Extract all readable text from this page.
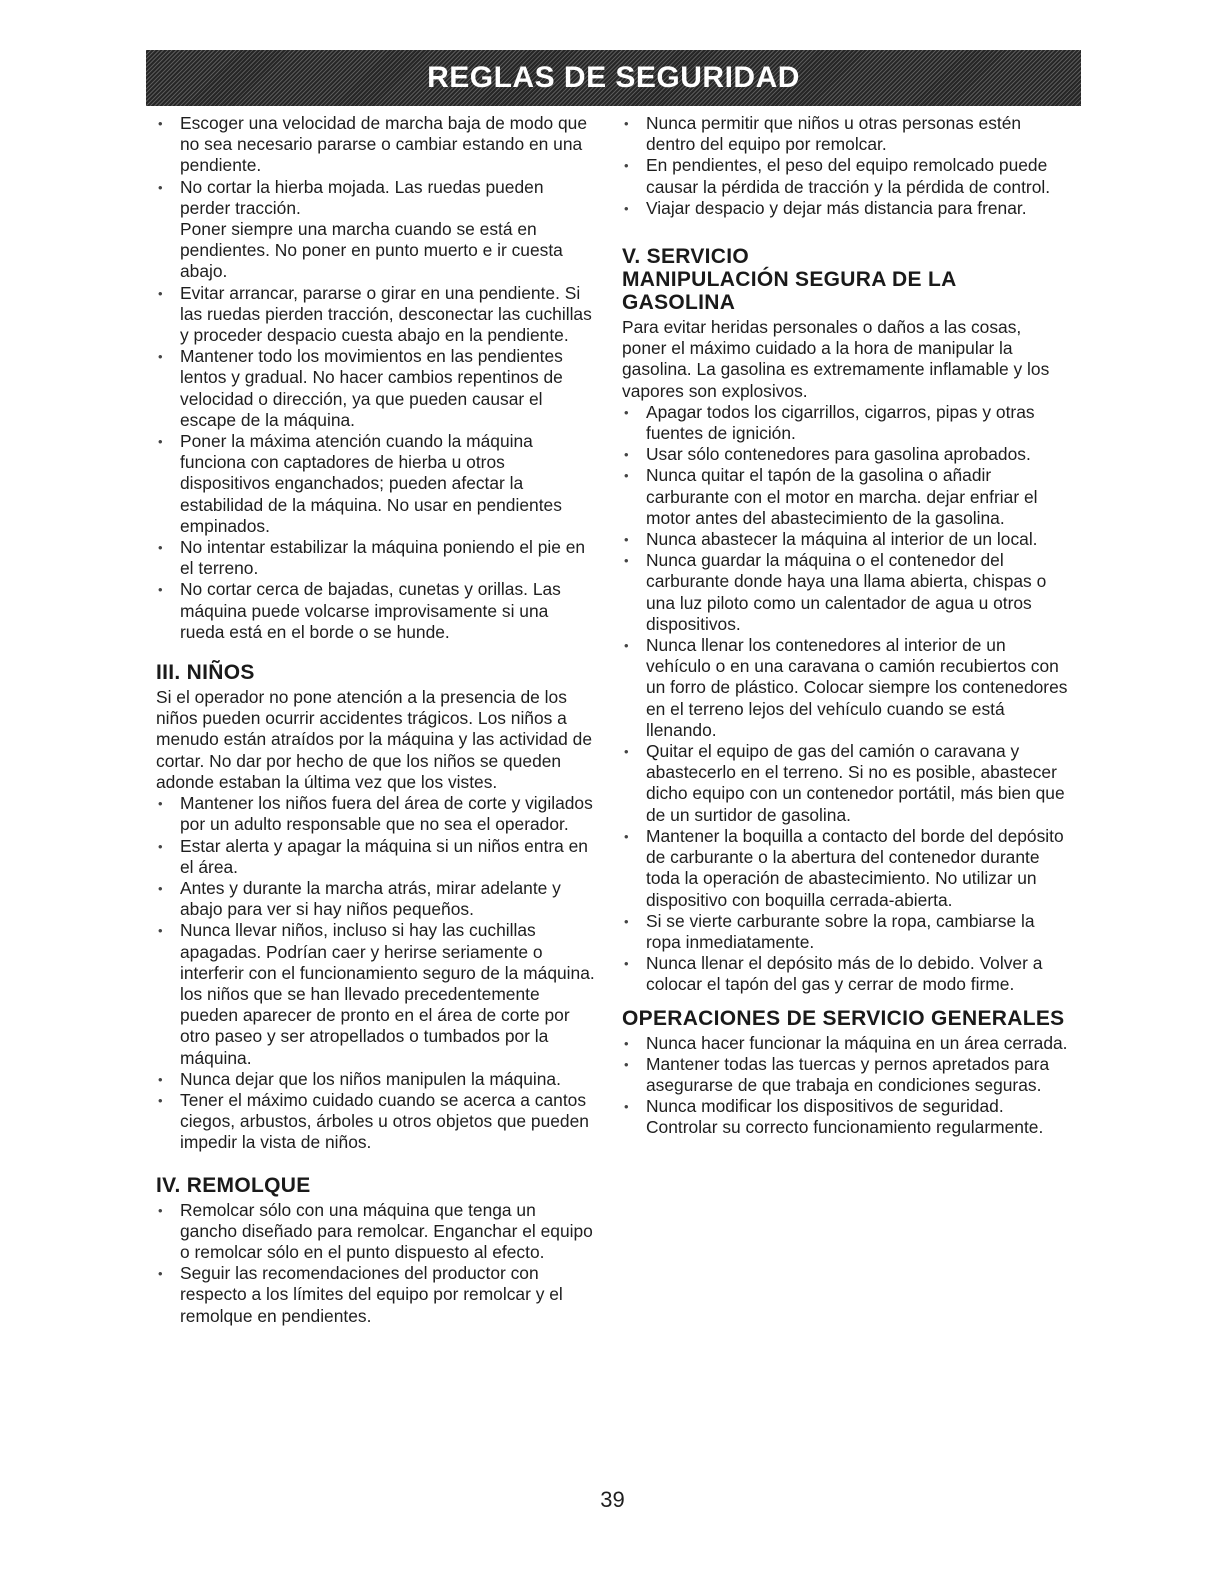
REGLAS DE SEGURIDAD
• Escoger una velocidad de marcha baja de modo que no sea necesario pararse o cambiar estando en una pendiente.
• No cortar la hierba mojada. Las ruedas pueden perder tracción.

Poner siempre una marcha cuando se está en pendientes. No poner en punto muerto e ir cuesta abajo.

• Evitar arrancar, pararse o girar en una pendiente. Si las ruedas pierden tracción, desconectar las cuchillas y proceder despacio cuesta abajo en la pendiente.
• Mantener todo los movimientos en las pendientes lentos y gradual. No hacer cambios repentinos de velocidad o dirección, ya que pueden causar el escape de la máquina.
• Poner la máxima atención cuando la máquina funciona con captadores de hierba u otros dispositivos enganchados; pueden afectar la estabilidad de la máquina. No usar en pendientes empinados.
• No intentar estabilizar la máquina poniendo el pie en el terreno.
• No cortar cerca de bajadas, cunetas y orillas. Las máquina puede volcarse improvisamente si una rueda está en el borde o se hunde.
III. NIÑOS

Si el operador no pone atención a la presencia de los niños pueden ocurrir accidentes trágicos. Los niños a menudo están atraídos por la máquina y las actividad de cortar. No dar por hecho de que los niños se queden adonde estaban la última vez que los vistes.

• Mantener los niños fuera del área de corte y vigilados por un adulto responsable que no sea el operador.
• Estar alerta y apagar la máquina si un niños entra en el área.
• Antes y durante la marcha atrás, mirar adelante y abajo para ver si hay niños pequeños.
• Nunca llevar niños, incluso si hay las cuchillas apagadas. Podrían caer y herirse seriamente o interferir con el funcionamiento seguro de la máquina. los niños que se han llevado precedentemente pueden aparecer de pronto en el área de corte por otro paseo y ser atropellados o tumbados por la máquina.
• Nunca dejar que los niños manipulen la máquina.
• Tener el máximo cuidado cuando se acerca a cantos ciegos, arbustos, árboles u otros objetos que pueden impedir la vista de niños.
IV. REMOLQUE
• Remolcar sólo con una máquina que tenga un gancho diseñado para remolcar. Enganchar el equipo o remolcar sólo en el punto dispuesto al efecto.
• Seguir las recomendaciones del productor con respecto a los límites del equipo por remolcar y el remolque en pendientes.
• Nunca permitir que niños u otras personas estén dentro del equipo por remolcar.
• En pendientes, el peso del equipo remolcado puede causar la pérdida de tracción y la pérdida de control.
• Viajar despacio y dejar más distancia para frenar.
V. SERVICIO
MANIPULACIÓN SEGURA DE LA GASOLINA

Para evitar heridas personales o daños a las cosas, poner el máximo cuidado a la hora de manipular la gasolina. La gasolina es extremamente inflamable y los vapores son explosivos.

• Apagar todos los cigarrillos, cigarros, pipas y otras fuentes de ignición.
• Usar sólo contenedores para gasolina aprobados.
• Nunca quitar el tapón de la gasolina o añadir carburante con el motor en marcha. dejar enfriar el motor antes del abastecimiento de la gasolina.
• Nunca abastecer la máquina al interior de un local.
• Nunca guardar la máquina o el contenedor del carburante donde haya una llama abierta, chispas o una luz piloto como un calentador de agua u otros dispositivos.
• Nunca llenar los contenedores al interior de un vehículo o en una caravana o camión recubiertos con un forro de plástico. Colocar siempre los contenedores en el terreno lejos del vehículo cuando se está llenando.
• Quitar el equipo de gas del camión o caravana y abastecerlo en el terreno. Si no es posible, abastecer dicho equipo con un contenedor portátil, más bien que de un surtidor de gasolina.
• Mantener la boquilla a contacto del borde del depósito de carburante o la abertura del contenedor durante toda la operación de abastecimiento. No utilizar un dispositivo con boquilla cerrada-abierta.
• Si se vierte carburante sobre la ropa, cambiarse la ropa inmediatamente.
• Nunca llenar el depósito más de lo debido. Volver a colocar el tapón del gas y cerrar de modo firme.
OPERACIONES DE SERVICIO GENERALES
• Nunca hacer funcionar la máquina en un área cerrada.
• Mantener todas las tuercas y pernos apretados para asegurarse de que trabaja en condiciones seguras.
• Nunca modificar los dispositivos de seguridad. Controlar su correcto funcionamiento regularmente.
39
